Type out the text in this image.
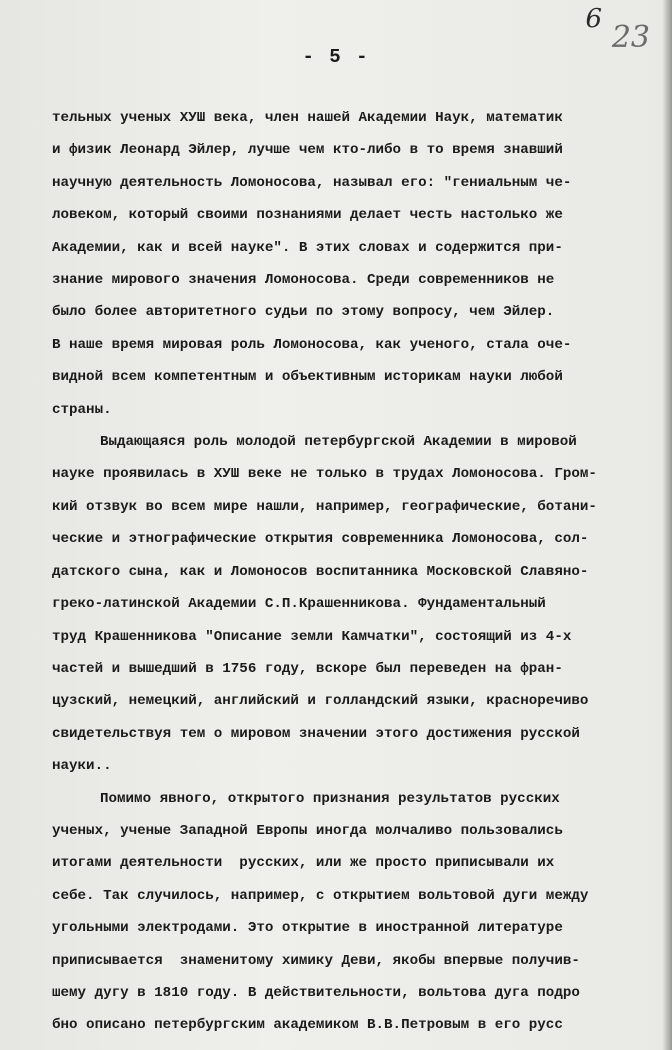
6
23
- 5 -
тельных ученых ХУШ века, член нашей Академии Наук, математик
и физик Леонард Эйлер, лучше чем кто-либо в то время знавший
научную деятельность Ломоносова, называл его: "гениальным че-
ловеком, который своими познаниями делает честь настолько же
Академии, как и всей науке". В этих словах и содержится при-
знание мирового значения Ломоносова. Среди современников не
было более авторитетного судьи по этому вопросу, чем Эйлер.
В наше время мировая роль Ломоносова, как ученого, стала оче-
видной всем компетентным и объективным историкам науки любой
страны.
Выдающаяся роль молодой петербургской Академии в мировой
науке проявилась в ХУШ веке не только в трудах Ломоносова. Гром-
кий отзвук во всем мире нашли, например, географические, ботани-
ческие и этнографические открытия современника Ломоносова, сол-
датского сына, как и Ломоносов воспитанника Московской Славяно-
греко-латинской Академии С.П.Крашенникова. Фундаментальный
труд Крашенникова "Описание земли Камчатки", состоящий из 4-х
частей и вышедший в 1756 году, вскоре был переведен на фран-
цузский, немецкий, английский и голландский языки, красноречиво
свидетельствуя тем о мировом значении этого достижения русской
науки..
Помимо явного, открытого признания результатов русских
ученых, ученые Западной Европы иногда молчаливо пользовались
итогами деятельности  русских, или же просто приписывали их
себе. Так случилось, например, с открытием вольтовой дуги между
угольными электродами. Это открытие в иностранной литературе
приписывается  знаменитому химику Деви, якобы впервые получив-
шему дугу в 1810 году. В действительности, вольтова дуга подро
бно описано петербургским академиком В.В.Петровым в его русс
